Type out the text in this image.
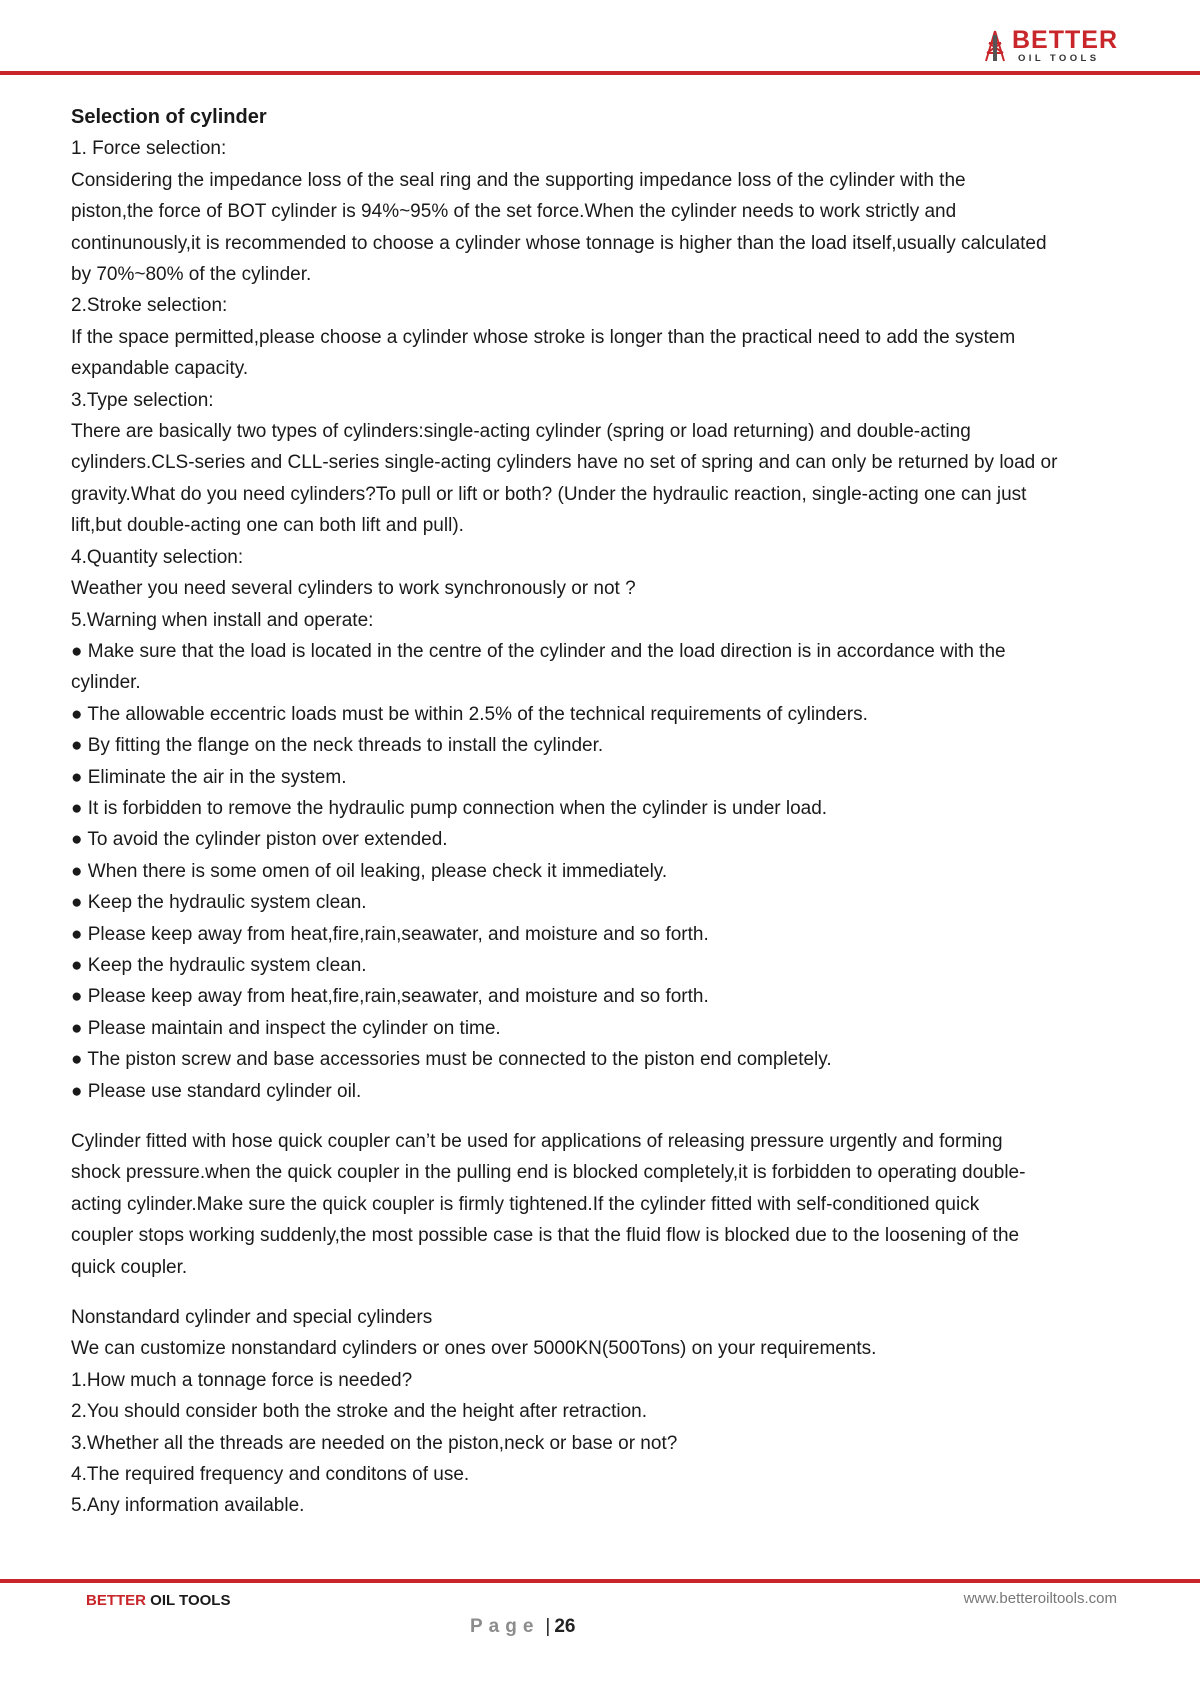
BETTER
OIL TOOLS
Selection of cylinder
1. Force selection:
Considering the impedance loss of the seal ring and the supporting impedance loss of the cylinder with the
piston,the force of BOT cylinder is 94%~95% of the set force.When the cylinder needs to work strictly and
continunously,it is recommended to choose a cylinder whose tonnage is higher than the load itself,usually calculated
by 70%~80% of the cylinder.
2.Stroke selection:
If the space permitted,please choose a cylinder whose stroke is longer than the practical need to add the system
expandable capacity.
3.Type selection:
There are basically two types of cylinders:single-acting cylinder (spring or load returning) and double-acting
cylinders.CLS-series and CLL-series single-acting cylinders have no set of spring and can only be returned by load or
gravity.What do you need cylinders?To pull or lift or both? (Under the hydraulic reaction, single-acting one can just
lift,but double-acting one can both lift and pull).
4.Quantity selection:
Weather you need several cylinders to work synchronously or not ?
5.Warning when install and operate:
● Make sure that the load is located in the centre of the cylinder and the load direction is in accordance with the
cylinder.
● The allowable eccentric loads must be within 2.5% of the technical requirements of cylinders.
● By fitting the flange on the neck threads to install the cylinder.
● Eliminate the air in the system.
● It is forbidden to remove the hydraulic pump connection when the cylinder is under load.
● To avoid the cylinder piston over extended.
● When there is some omen of oil leaking, please check it immediately.
● Keep the hydraulic system clean.
● Please keep away from heat,fire,rain,seawater, and moisture and so forth.
● Keep the hydraulic system clean.
● Please keep away from heat,fire,rain,seawater, and moisture and so forth.
● Please maintain and inspect the cylinder on time.
● The piston screw and base accessories must be connected to the piston end completely.
● Please use standard cylinder oil.
Cylinder fitted with hose quick coupler can’t be used for applications of releasing pressure urgently and forming
shock pressure.when the quick coupler in the pulling end is blocked completely,it is forbidden to operating double-
acting cylinder.Make sure the quick coupler is firmly tightened.If the cylinder fitted with self-conditioned quick
coupler stops working suddenly,the most possible case is that the fluid flow is blocked due to the loosening of the
quick coupler.
Nonstandard cylinder and special cylinders
We can customize nonstandard cylinders or ones over 5000KN(500Tons) on your requirements.
1.How much a tonnage force is needed?
2.You should consider both the stroke and the height after retraction.
3.Whether all the threads are needed on the piston,neck or base or not?
4.The required frequency and conditons of use.
5.Any information available.
BETTER OIL TOOLS	www.betteroiltools.com
Page | 26
